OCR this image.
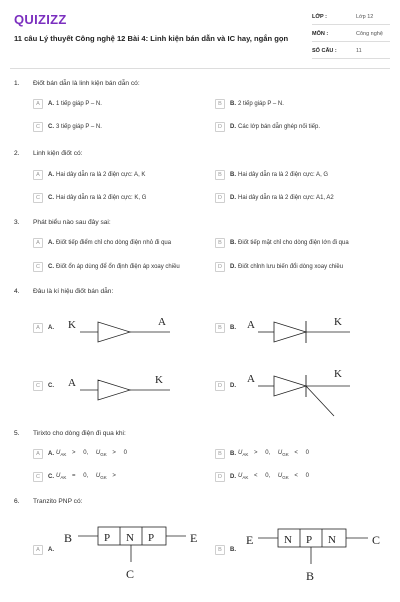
QUIZIZZ
11 câu Lý thuyết Công nghệ 12 Bài 4: Linh kiện bán dẫn và IC hay, ngắn gọn
LỚP :	Lớp 12
MÔN :	Công nghệ
SỐ CÂU :	11
1. Điốt bán dẫn là linh kiện bán dẫn có:
A	A. 1 tiếp giáp P – N.	B	B. 2 tiếp giáp P – N.
C	C. 3 tiếp giáp P – N.	D	D. Các lớp bán dẫn ghép nối tiếp.
2. Linh kiện điốt có:
A	A. Hai dây dẫn ra là 2 điện cực: A, K	B	B. Hai dây dẫn ra là 2 điện cực: A, G
C	C. Hai dây dẫn ra là 2 điện cực: K, G	D	D. Hai dây dẫn ra là 2 điện cực: A1, A2
3. Phát biểu nào sau đây sai:
A	A. Điốt tiếp điểm chỉ cho dòng điện nhỏ đi qua	B	B. Điốt tiếp mặt chỉ cho dòng điện lớn đi qua
C	C. Điốt ổn áp dùng để ổn định điện áp xoay chiều	D	D. Điốt chỉnh lưu biến đổi dòng xoay chiều
4. Đâu là kí hiệu điốt bán dẫn:
A	A. K	A	B	B. A	K
C	C. A	K	D	D.
A	K
5. Tirixto cho dòng điện đi qua khi:
A	A. $U_{AK} > 0$, $U_{GK} > 0$	B	B. $U_{AK} > 0$, $U_{GK} < 0$
C	C. $U_{AK} = 0$, $U_{GK}$ >	D	D. $U_{AK} < 0$, $U_{GK} < 0$
6. Tranzito PNP có:
A	A.
B	E
P N P
C
B	B.
E	C
N P N
B
